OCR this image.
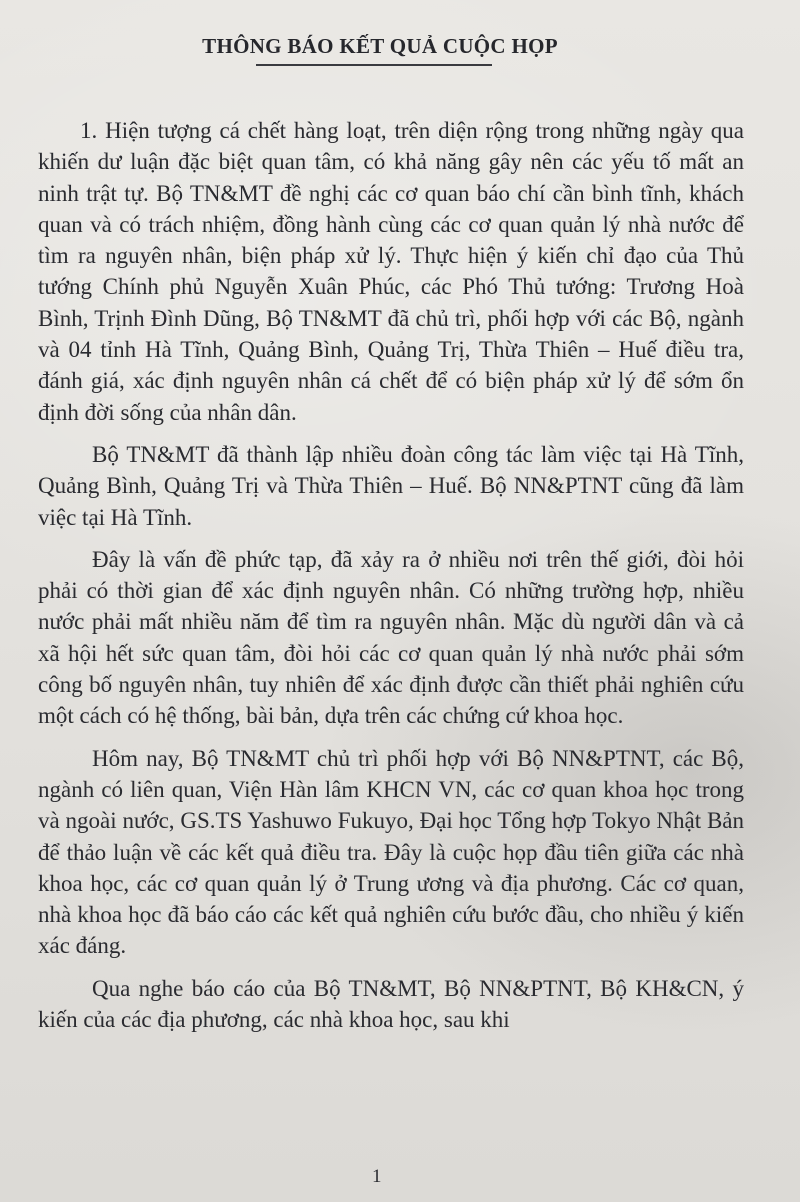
THÔNG BÁO KẾT QUẢ CUỘC HỌP

1. Hiện tượng cá chết hàng loạt, trên diện rộng trong những ngày qua khiến dư luận đặc biệt quan tâm, có khả năng gây nên các yếu tố mất an ninh trật tự. Bộ TN&MT đề nghị các cơ quan báo chí cần bình tĩnh, khách quan và có trách nhiệm, đồng hành cùng các cơ quan quản lý nhà nước để tìm ra nguyên nhân, biện pháp xử lý. Thực hiện ý kiến chỉ đạo của Thủ tướng Chính phủ Nguyễn Xuân Phúc, các Phó Thủ tướng: Trương Hoà Bình, Trịnh Đình Dũng, Bộ TN&MT đã chủ trì, phối hợp với các Bộ, ngành và 04 tỉnh Hà Tĩnh, Quảng Bình, Quảng Trị, Thừa Thiên – Huế điều tra, đánh giá, xác định nguyên nhân cá chết để có biện pháp xử lý để sớm ổn định đời sống của nhân dân.

Bộ TN&MT đã thành lập nhiều đoàn công tác làm việc tại Hà Tĩnh, Quảng Bình, Quảng Trị và Thừa Thiên – Huế. Bộ NN&PTNT cũng đã làm việc tại Hà Tĩnh.

Đây là vấn đề phức tạp, đã xảy ra ở nhiều nơi trên thế giới, đòi hỏi phải có thời gian để xác định nguyên nhân. Có những trường hợp, nhiều nước phải mất nhiều năm để tìm ra nguyên nhân. Mặc dù người dân và cả xã hội hết sức quan tâm, đòi hỏi các cơ quan quản lý nhà nước phải sớm công bố nguyên nhân, tuy nhiên để xác định được cần thiết phải nghiên cứu một cách có hệ thống, bài bản, dựa trên các chứng cứ khoa học.

Hôm nay, Bộ TN&MT chủ trì phối hợp với Bộ NN&PTNT, các Bộ, ngành có liên quan, Viện Hàn lâm KHCN VN, các cơ quan khoa học trong và ngoài nước, GS.TS Yashuwo Fukuyo, Đại học Tổng hợp Tokyo Nhật Bản để thảo luận về các kết quả điều tra. Đây là cuộc họp đầu tiên giữa các nhà khoa học, các cơ quan quản lý ở Trung ương và địa phương. Các cơ quan, nhà khoa học đã báo cáo các kết quả nghiên cứu bước đầu, cho nhiều ý kiến xác đáng.

Qua nghe báo cáo của Bộ TN&MT, Bộ NN&PTNT, Bộ KH&CN, ý kiến của các địa phương, các nhà khoa học, sau khi

1
